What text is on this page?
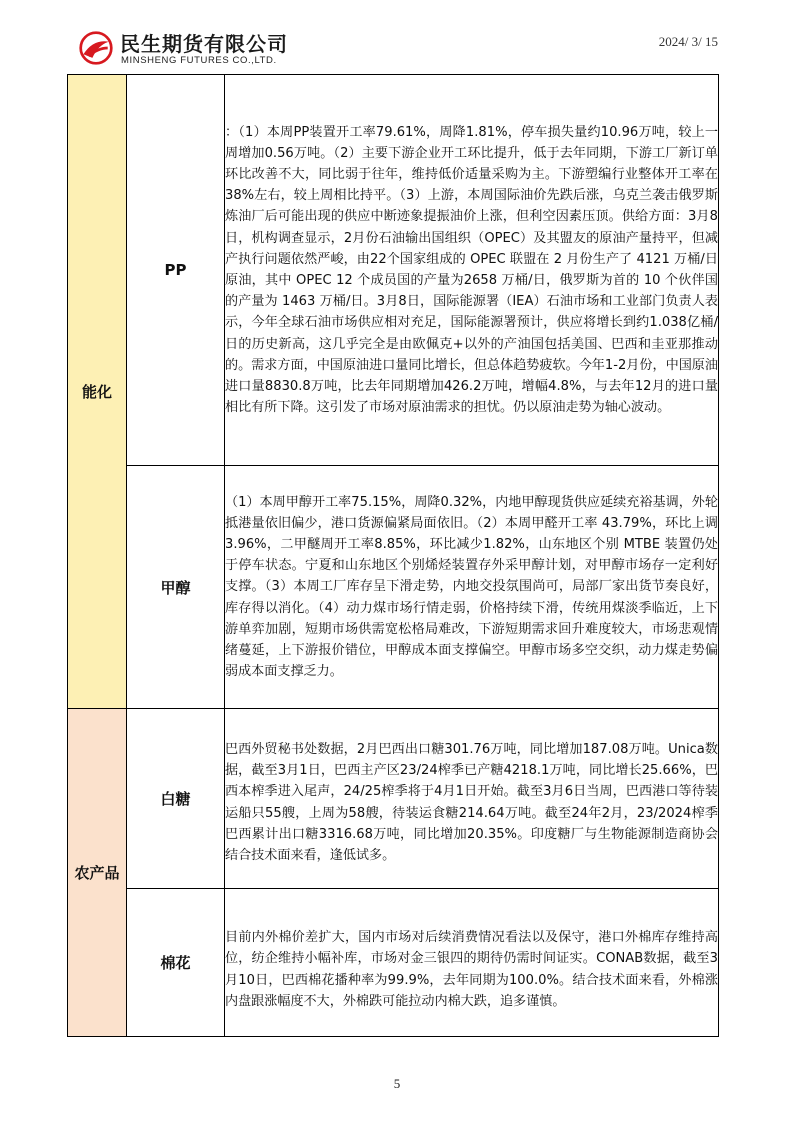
民生期货有限公司
MINSHENG FUTURES CO.,LTD.
2024/ 3/ 15
能化	PP	：（1）本周PP装置开工率79.61%，周降1.81%，停车损失量约10.96万吨，较上一周增加0.56万吨。（2）主要下游企业开工环比提升，低于去年同期，下游工厂新订单环比改善不大，同比弱于往年，维持低价适量采购为主。下游塑编行业整体开工率在 38%左右，较上周相比持平。（3）上游，本周国际油价先跌后涨，乌克兰袭击俄罗斯炼油厂后可能出现的供应中断迹象提振油价上涨，但利空因素压顶。供给方面：3月8日，机构调查显示，2月份石油输出国组织（OPEC）及其盟友的原油产量持平，但减产执行问题依然严峻，由22个国家组成的 OPEC 联盟在 2 月份生产了 4121 万桶/日原油，其中 OPEC 12 个成员国的产量为2658 万桶/日，俄罗斯为首的 10 个伙伴国的产量为 1463 万桶/日。3月8日，国际能源署（IEA）石油市场和工业部门负责人表示，今年全球石油市场供应相对充足，国际能源署预计，供应将增长到约1.038亿桶/日的历史新高，这几乎完全是由欧佩克+以外的产油国包括美国、巴西和圭亚那推动的。需求方面，中国原油进口量同比增长，但总体趋势疲软。今年1-2月份，中国原油进口量8830.8万吨，比去年同期增加426.2万吨，增幅4.8%，与去年12月的进口量相比有所下降。这引发了市场对原油需求的担忧。仍以原油走势为轴心波动。
	甲醇	（1）本周甲醇开工率75.15%，周降0.32%，内地甲醇现货供应延续充裕基调，外轮抵港量依旧偏少，港口货源偏紧局面依旧。（2）本周甲醛开工率 43.79%，环比上调3.96%，二甲醚周开工率8.85%，环比减少1.82%，山东地区个别 MTBE 装置仍处于停车状态。宁夏和山东地区个别烯烃装置存外采甲醇计划，对甲醇市场存一定利好支撑。（3）本周工厂库存呈下滑走势，内地交投氛围尚可，局部厂家出货节奏良好，库存得以消化。（4）动力煤市场行情走弱，价格持续下滑，传统用煤淡季临近，上下游单弈加剧，短期市场供需宽松格局难改，下游短期需求回升难度较大，市场悲观情绪蔓延，上下游报价错位，甲醇成本面支撑偏空。甲醇市场多空交织，动力煤走势偏弱成本面支撑乏力。
农产品	白糖	巴西外贸秘书处数据，2月巴西出口糖301.76万吨，同比增加187.08万吨。Unica数据，截至3月1日，巴西主产区23/24榨季已产糖4218.1万吨，同比增长25.66%，巴西本榨季进入尾声，24/25榨季将于4月1日开始。截至3月6日当周，巴西港口等待装运船只55艘，上周为58艘，待装运食糖214.64万吨。截至24年2月，23/2024榨季巴西累计出口糖3316.68万吨，同比增加20.35%。印度糖厂与生物能源制造商协会结合技术面来看，逢低试多。
	棉花	目前内外棉价差扩大，国内市场对后续消费情况看法以及保守，港口外棉库存维持高位，纺企维持小幅补库，市场对金三银四的期待仍需时间证实。CONAB数据，截至3月10日，巴西棉花播种率为99.9%，去年同期为100.0%。结合技术面来看，外棉涨内盘跟涨幅度不大，外棉跌可能拉动内棉大跌，追多谨慎。
5
